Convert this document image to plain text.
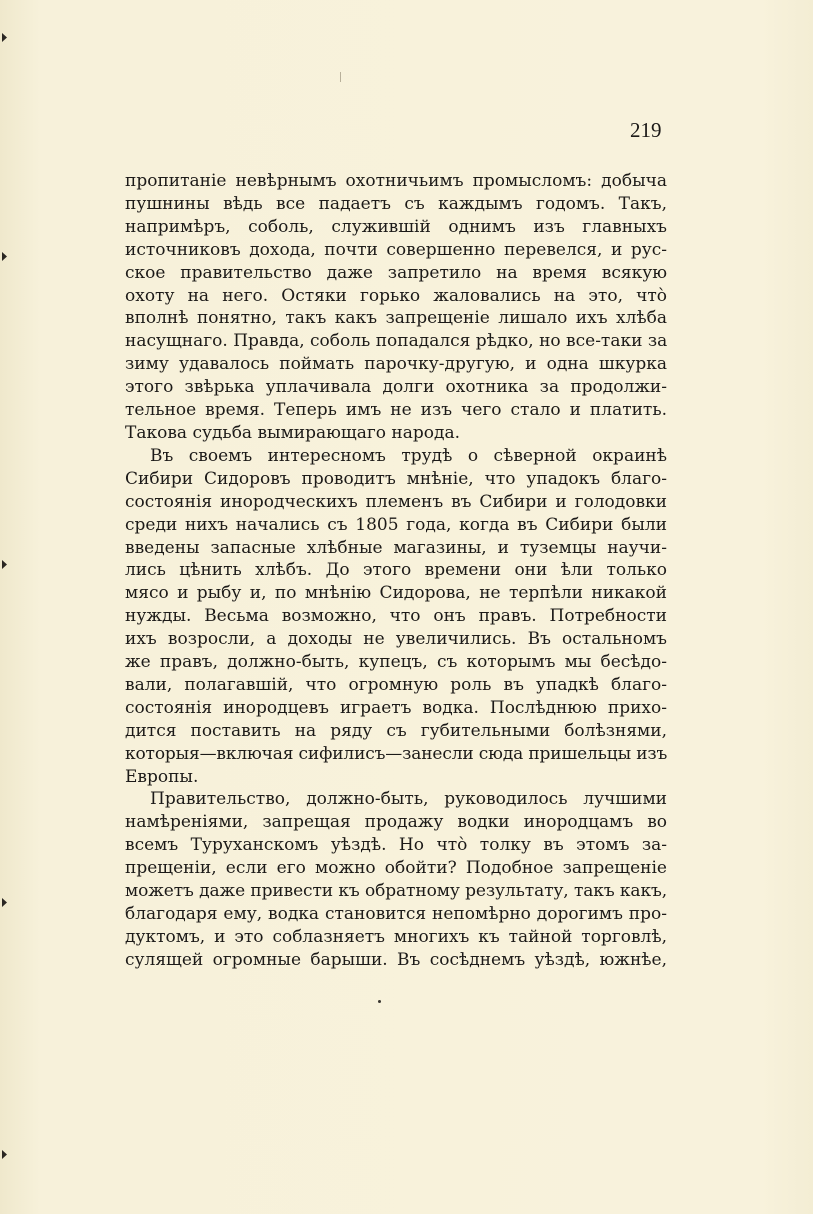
219

пропитаніе невѣрнымъ охотничьимъ промысломъ: добыча
пушнины вѣдь все падаетъ съ каждымъ годомъ. Такъ,
напримѣръ, соболь, служившій однимъ изъ главныхъ
источниковъ дохода, почти совершенно перевелся, и рус-
ское правительство даже запретило на время всякую
охоту на него. Остяки горько жаловались на это, что̀
вполнѣ понятно, такъ какъ запрещеніе лишало ихъ хлѣба
насущнаго. Правда, соболь попадался рѣдко, но все-таки за
зиму удавалось поймать парочку-другую, и одна шкурка
этого звѣрька уплачивала долги охотника за продолжи-
тельное время. Теперь имъ не изъ чего стало и платить.
Такова судьба вымирающаго народа.

Въ своемъ интересномъ трудѣ о сѣверной окраинѣ
Сибири Сидоровъ проводитъ мнѣніе, что упадокъ благо-
состоянія инородческихъ племенъ въ Сибири и голодовки
среди нихъ начались съ 1805 года, когда въ Сибири были
введены запасные хлѣбные магазины, и туземцы научи-
лись цѣнить хлѣбъ. До этого времени они ѣли только
мясо и рыбу и, по мнѣнію Сидорова, не терпѣли никакой
нужды. Весьма возможно, что онъ правъ. Потребности
ихъ возросли, а доходы не увеличились. Въ остальномъ
же правъ, должно-быть, купецъ, съ которымъ мы бесѣдо-
вали, полагавшій, что огромную роль въ упадкѣ благо-
состоянія инородцевъ играетъ водка. Послѣднюю прихо-
дится поставить на ряду съ губительными болѣзнями,
которыя—включая сифилисъ—занесли сюда пришельцы изъ
Европы.

Правительство, должно-быть, руководилось лучшими
намѣреніями, запрещая продажу водки инородцамъ во
всемъ Туруханскомъ уѣздѣ. Но что̀ толку въ этомъ за-
прещеніи, если его можно обойти? Подобное запрещеніе
можетъ даже привести къ обратному результату, такъ какъ,
благодаря ему, водка становится непомѣрно дорогимъ про-
дуктомъ, и это соблазняетъ многихъ къ тайной торговлѣ,
сулящей огромные барыши. Въ сосѣднемъ уѣздѣ, южнѣе,
